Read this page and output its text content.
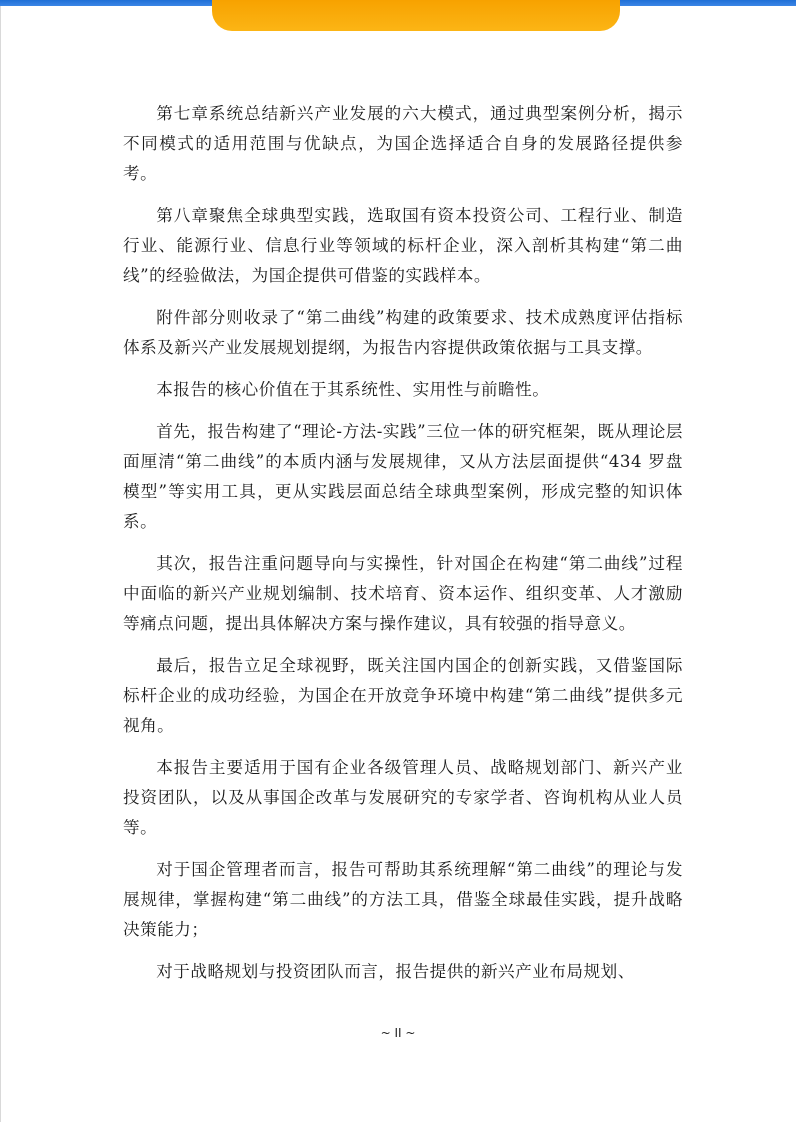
第七章系统总结新兴产业发展的六大模式，通过典型案例分析，揭示不同模式的适用范围与优缺点，为国企选择适合自身的发展路径提供参考。

第八章聚焦全球典型实践，选取国有资本投资公司、工程行业、制造行业、能源行业、信息行业等领域的标杆企业，深入剖析其构建“第二曲线”的经验做法，为国企提供可借鉴的实践样本。

附件部分则收录了“第二曲线”构建的政策要求、技术成熟度评估指标体系及新兴产业发展规划提纲，为报告内容提供政策依据与工具支撑。

本报告的核心价值在于其系统性、实用性与前瞻性。

首先，报告构建了“理论-方法-实践”三位一体的研究框架，既从理论层面厘清“第二曲线”的本质内涵与发展规律，又从方法层面提供“434 罗盘模型”等实用工具，更从实践层面总结全球典型案例，形成完整的知识体系。

其次，报告注重问题导向与实操性，针对国企在构建“第二曲线”过程中面临的新兴产业规划编制、技术培育、资本运作、组织变革、人才激励等痛点问题，提出具体解决方案与操作建议，具有较强的指导意义。

最后，报告立足全球视野，既关注国内国企的创新实践，又借鉴国际标杆企业的成功经验，为国企在开放竞争环境中构建“第二曲线”提供多元视角。

本报告主要适用于国有企业各级管理人员、战略规划部门、新兴产业投资团队，以及从事国企改革与发展研究的专家学者、咨询机构从业人员等。

对于国企管理者而言，报告可帮助其系统理解“第二曲线”的理论与发展规律，掌握构建“第二曲线”的方法工具，借鉴全球最佳实践，提升战略决策能力；

对于战略规划与投资团队而言，报告提供的新兴产业布局规划、

~ II ~
